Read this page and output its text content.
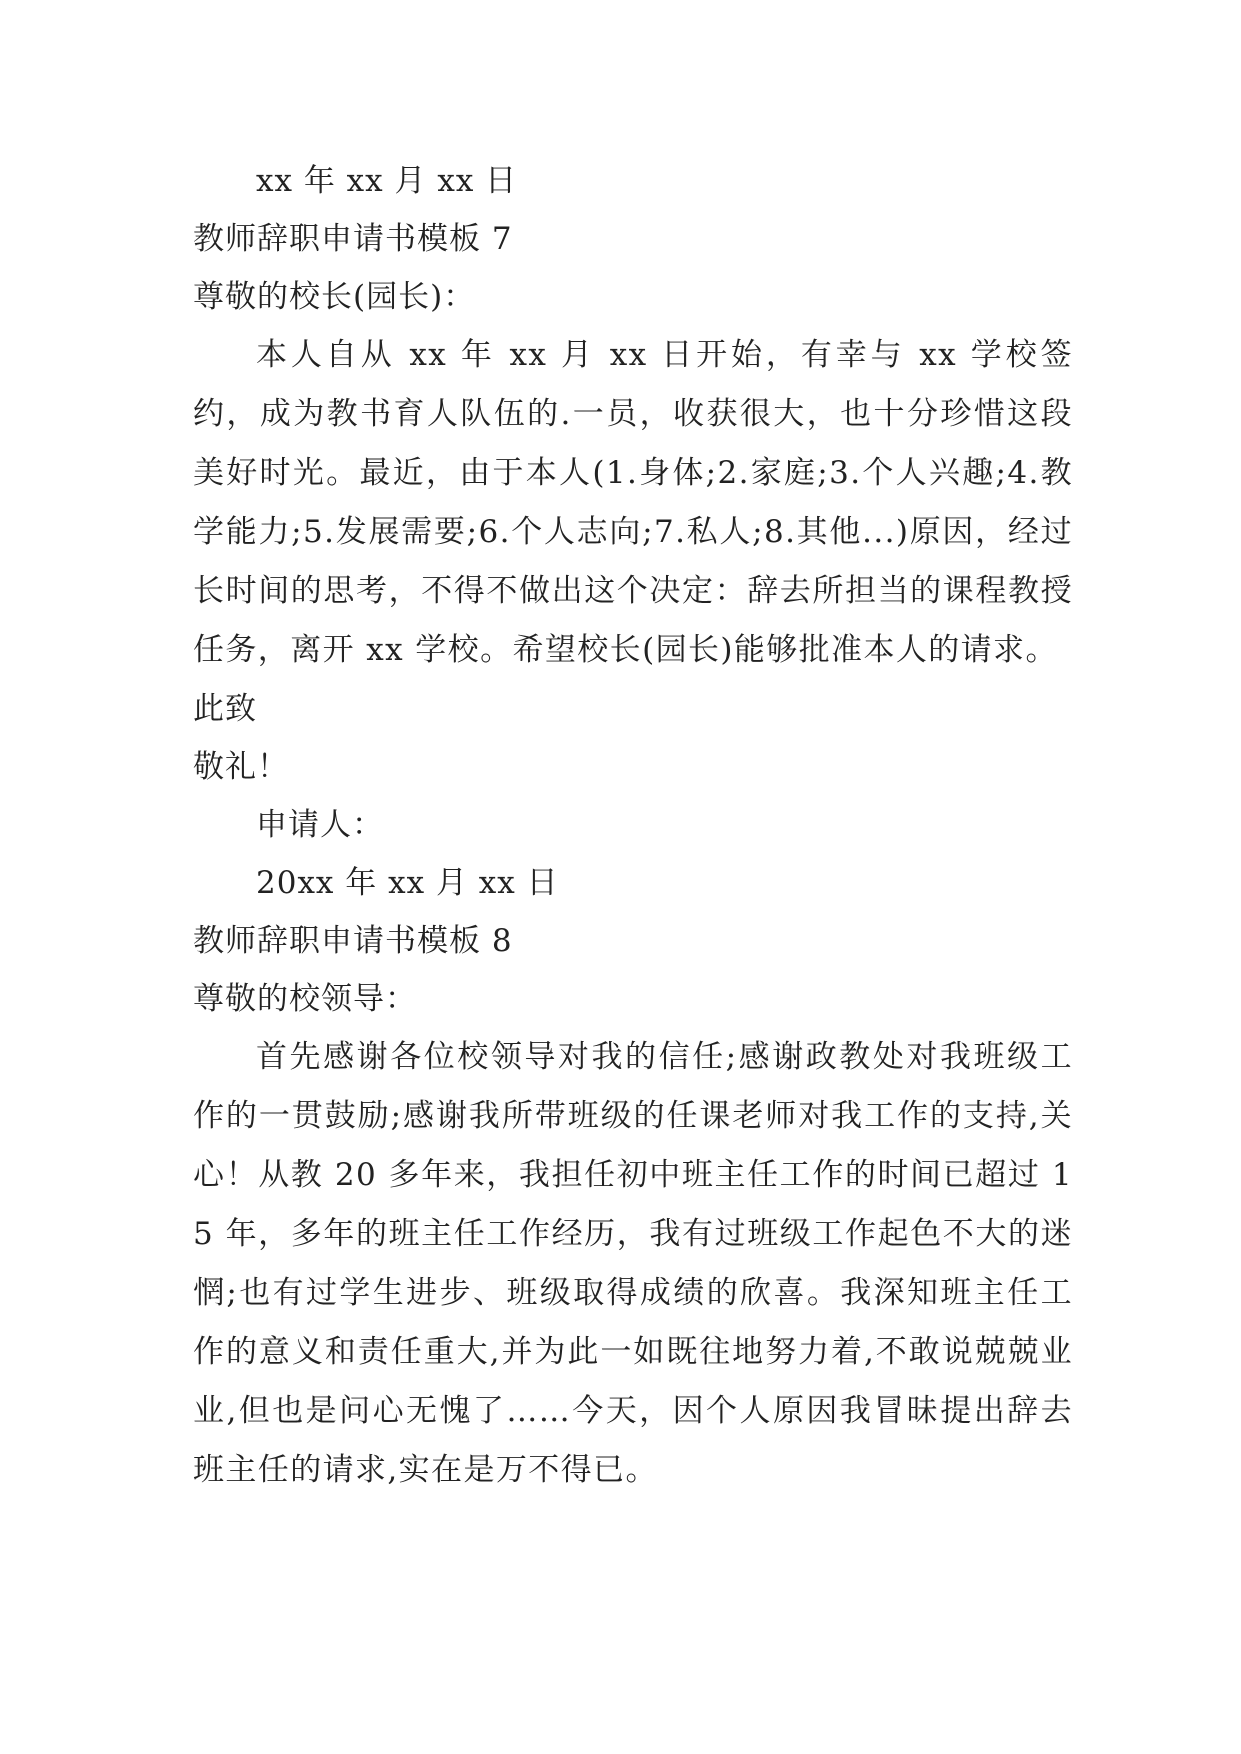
xx 年 xx 月 xx 日
教师辞职申请书模板 7
尊敬的校长(园长)：

本人自从 xx 年 xx 月 xx 日开始，有幸与 xx 学校签约，成为教书育人队伍的.一员，收获很大，也十分珍惜这段美好时光。最近，由于本人(1.身体;2.家庭;3.个人兴趣;4.教学能力;5.发展需要;6.个人志向;7.私人;8.其他...)原因，经过长时间的思考，不得不做出这个决定：辞去所担当的课程教授任务，离开 xx 学校。希望校长(园长)能够批准本人的请求。

此致
敬礼！
申请人：
20xx 年 xx 月 xx 日
教师辞职申请书模板 8
尊敬的校领导：

首先感谢各位校领导对我的信任;感谢政教处对我班级工作的一贯鼓励;感谢我所带班级的任课老师对我工作的支持,关心！从教 20 多年来，我担任初中班主任工作的时间已超过 15 年，多年的班主任工作经历，我有过班级工作起色不大的迷惘;也有过学生进步、班级取得成绩的欣喜。我深知班主任工作的意义和责任重大,并为此一如既往地努力着,不敢说兢兢业业,但也是问心无愧了……今天，因个人原因我冒昧提出辞去班主任的请求,实在是万不得已。
